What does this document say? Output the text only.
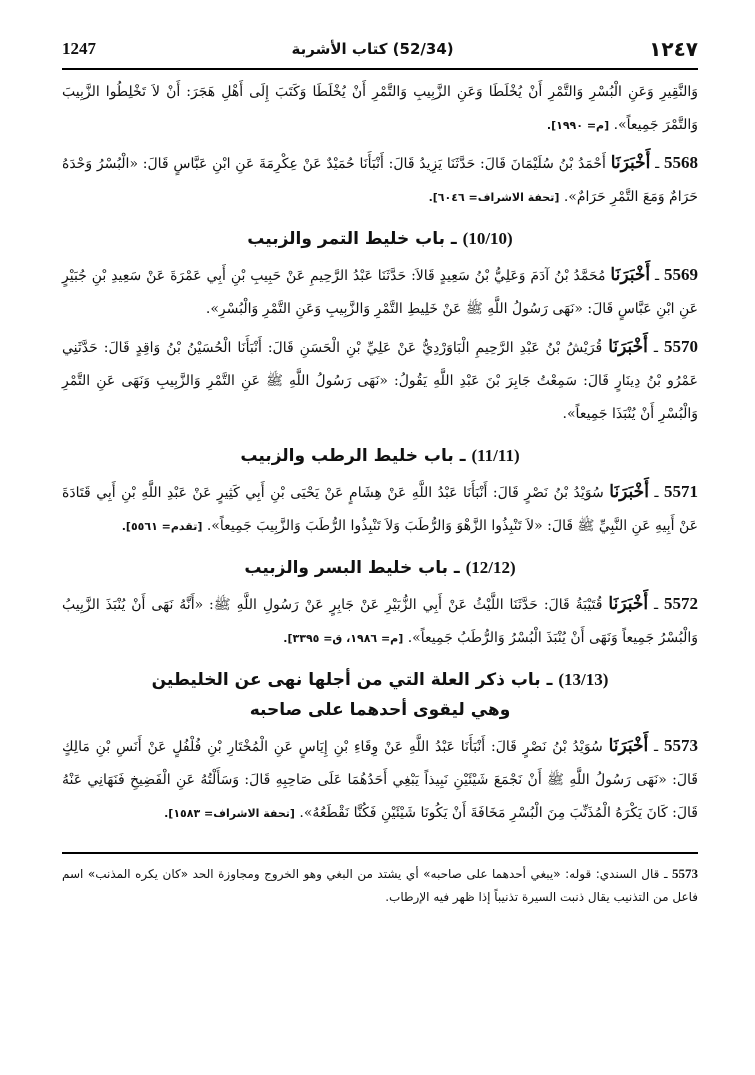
1247	(52/34) كتاب الأشربة	١٢٤٧

وَالنَّقِيرِ وَعَنِ الْبُسْرِ وَالتَّمْرِ أَنْ يُخْلَطَا وَعَنِ الزَّبِيبِ وَالتَّمْرِ أَنْ يُخْلَطَا وَكَتَبَ إِلَى أَهْلِ هَجَرَ: أَنْ لاَ تَخْلِطُوا الزَّبِيبَ وَالتَّمْرَ جَمِيعاً». [م= ١٩٩٠].

5568 ـ أَخْبَرَنَا أَحْمَدُ بْنُ سُلَيْمَانَ قَالَ: حَدَّثَنَا يَزِيدُ قَالَ: أَنْبَأَنَا حُمَيْدٌ عَنْ عِكْرِمَةَ عَنِ ابْنِ عَبَّاسٍ قَالَ: «الْبُسْرُ وَحْدَهُ حَرَامٌ وَمَعَ التَّمْرِ حَرَامٌ». [تحفة الاشراف= ٦٠٤٦].

(10/10) ـ باب خليط التمر والزبيب

5569 ـ أَخْبَرَنَا مُحَمَّدُ بْنُ آدَمَ وَعَلِيُّ بْنُ سَعِيدٍ قَالاَ: حَدَّثَنَا عَبْدُ الرَّحِيمِ عَنْ حَبِيبِ بْنِ أَبِي عَمْرَةَ عَنْ سَعِيدِ بْنِ جُبَيْرٍ عَنِ ابْنِ عَبَّاسٍ قَالَ: «نَهَى رَسُولُ اللَّهِ ﷺ عَنْ خَلِيطِ التَّمْرِ وَالزَّبِيبِ وَعَنِ التَّمْرِ وَالْبُسْرِ».

5570 ـ أَخْبَرَنَا قُرَيْشُ بْنُ عَبْدِ الرَّحِيمِ الْبَاوَرْدِيُّ عَنْ عَلِيِّ بْنِ الْحَسَنِ قَالَ: أَنْبَأَنَا الْحُسَيْنُ بْنُ وَاقِدٍ قَالَ: حَدَّثَنِي عَمْرُو بْنُ دِينَارٍ قَالَ: سَمِعْتُ جَابِرَ بْنَ عَبْدِ اللَّهِ يَقُولُ: «نَهَى رَسُولُ اللَّهِ ﷺ عَنِ التَّمْرِ وَالزَّبِيبِ وَنَهَى عَنِ التَّمْرِ وَالْبُسْرِ أَنْ يُنْبَذَا جَمِيعاً».

(11/11) ـ باب خليط الرطب والزبيب

5571 ـ أَخْبَرَنَا سُوَيْدُ بْنُ نَصْرٍ قَالَ: أَنْبَأَنَا عَبْدُ اللَّهِ عَنْ هِشَامٍ عَنْ يَحْيَى بْنِ أَبِي كَثِيرٍ عَنْ عَبْدِ اللَّهِ بْنِ أَبِي قَتَادَةَ عَنْ أَبِيهِ عَنِ النَّبِيِّ ﷺ قَالَ: «لاَ تَنْبِذُوا الزَّهْوَ وَالرُّطَبَ وَلاَ تَنْبِذُوا الرُّطَبَ وَالزَّبِيبَ جَمِيعاً». [تقدم= ٥٥٦١].

(12/12) ـ باب خليط البسر والزبيب

5572 ـ أَخْبَرَنَا قُتَيْبَةُ قَالَ: حَدَّثَنَا اللَّيْثُ عَنْ أَبِي الزُّبَيْرِ عَنْ جَابِرٍ عَنْ رَسُولِ اللَّهِ ﷺ: «أَنَّهُ نَهَى أَنْ يُنْبَذَ الزَّبِيبُ وَالْبُسْرُ جَمِيعاً وَنَهَى أَنْ يُنْبَذَ الْبُسْرُ وَالرُّطَبُ جَمِيعاً». [م= ١٩٨٦، ق= ٣٣٩٥].

(13/13) ـ باب ذكر العلة التي من أجلها نهى عن الخليطين
وهي ليقوى أحدهما على صاحبه

5573 ـ أَخْبَرَنَا سُوَيْدُ بْنُ نَصْرٍ قَالَ: أَنْبَأَنَا عَبْدُ اللَّهِ عَنْ وِقَاءِ بْنِ إِيَاسٍ عَنِ الْمُخْتَارِ بْنِ فُلْفُلٍ عَنْ أَنَسِ بْنِ مَالِكٍ قَالَ: «نَهَى رَسُولُ اللَّهِ ﷺ أَنْ نَجْمَعَ شَيْئَيْنِ نَبِيذاً يَبْغِي أَحَدُهُمَا عَلَى صَاحِبِهِ قَالَ: وَسَأَلْتُهُ عَنِ الْفَضِيخِ فَنَهَانِي عَنْهُ قَالَ: كَانَ يَكْرَهُ الْمُذَنِّبَ مِنَ الْبُسْرِ مَخَافَةَ أَنْ يَكُونَا شَيْئَيْنِ فَكُنَّا نَقْطَعُهُ». [تحفة الاشراف= ١٥٨٣].

5573 ـ قال السندي: قوله: «يبغي أحدهما على صاحبه» أي يشتد من البغي وهو الخروج ومجاوزة الحد «كان يكره المذنب» اسم فاعل من التذنيب يقال ذنبت السيرة تذنيباً إذا ظهر فيه الإرطاب.
